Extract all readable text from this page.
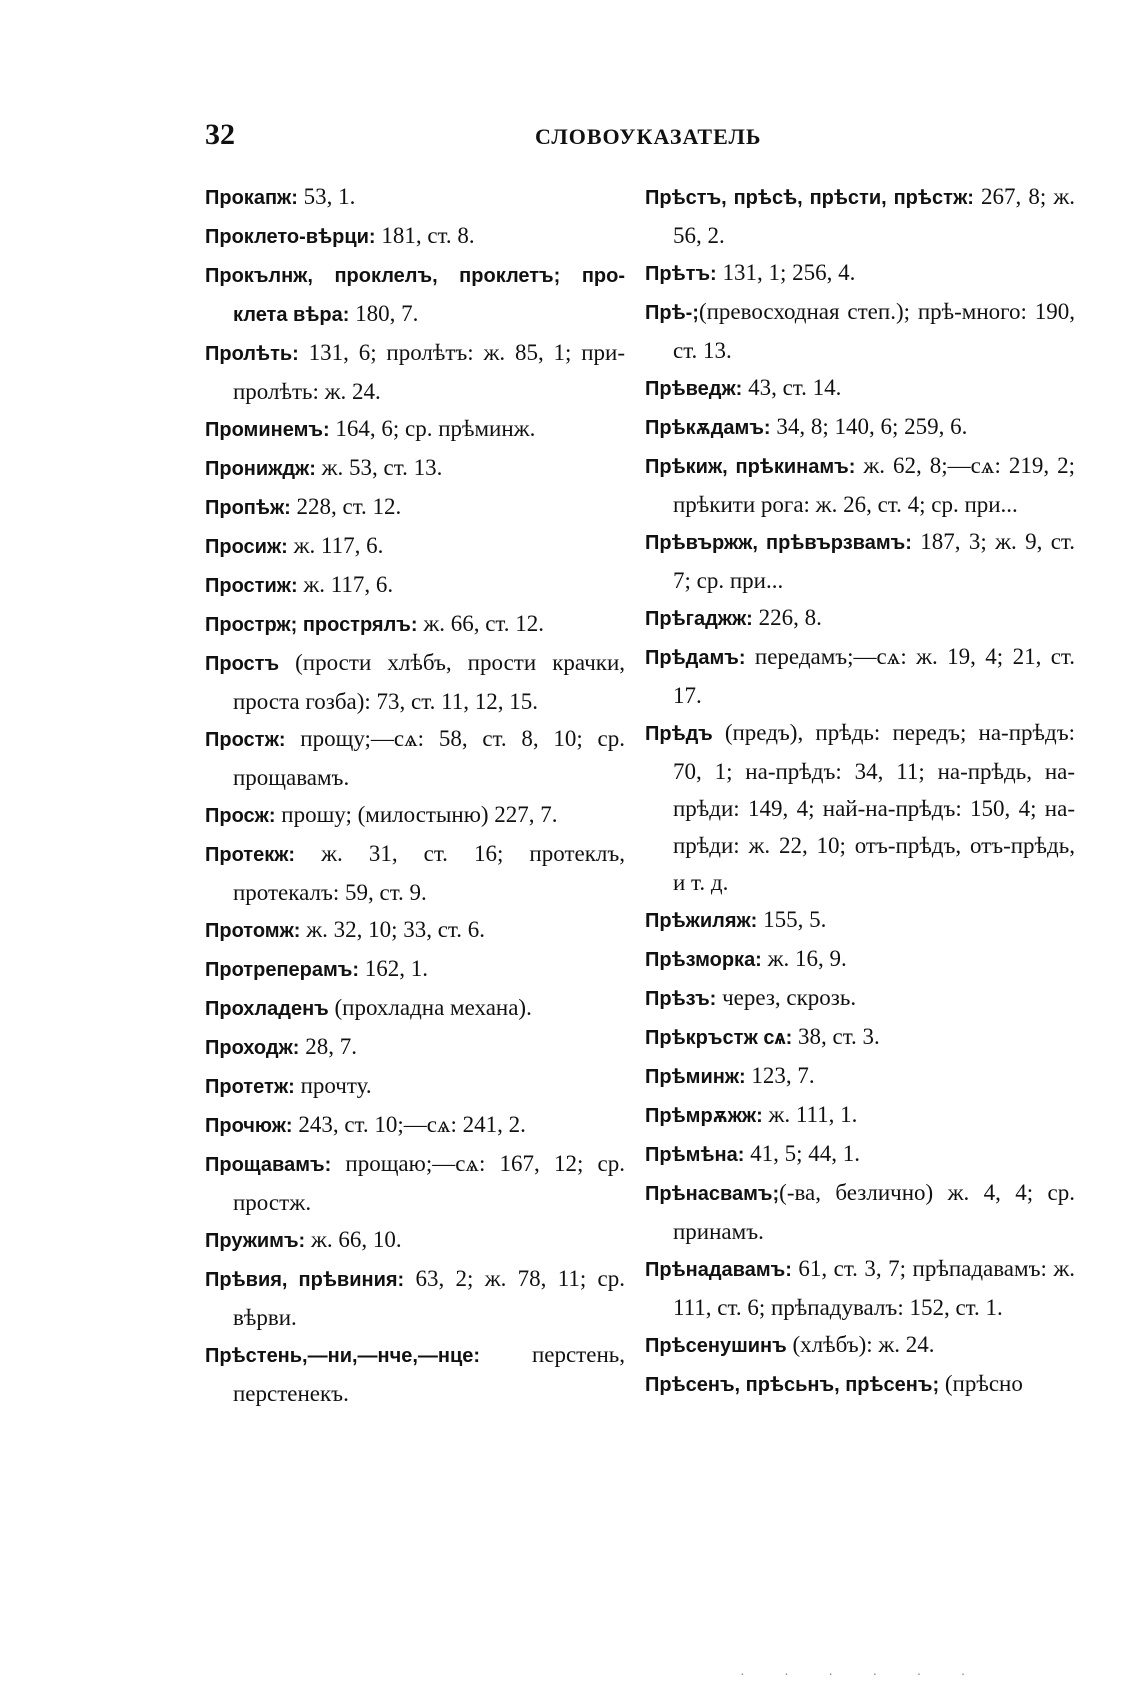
32	СЛОВОУКАЗАТЕЛЬ

Прокапж: 53, 1.

Проклето-вѣрци: 181, ст. 8.

Прокълнж, проклелъ, проклетъ; про-клета вѣра: 180, 7.

Пролѣть: 131, 6; пролѣтъ: ж. 85, 1; при-пролѣть: ж. 24.

Проминемъ: 164, 6; ср. прѣминж.

Прониждж: ж. 53, ст. 13.

Пропѣж: 228, ст. 12.

Просиж: ж. 117, 6.

Простиж: ж. 117, 6.

Прострж; прострялъ: ж. 66, ст. 12.

Простъ (прости хлѣбъ, прости крачки, проста гозба): 73, ст. 11, 12, 15.

Простж: прощу;—сѧ: 58, ст. 8, 10; ср. прощавамъ.

Просж: прошу; (милостыню) 227, 7.

Протекж: ж. 31, ст. 16; протеклъ, протекалъ: 59, ст. 9.

Протомж: ж. 32, 10; 33, ст. 6.

Протреперамъ: 162, 1.

Прохладенъ (прохладна механа).

Проходж: 28, 7.

Протетж: прочту.

Прочюж: 243, ст. 10;—сѧ: 241, 2.

Прощавамъ: прощаю;—сѧ: 167, 12; ср. простж.

Пружимъ: ж. 66, 10.

Прѣвия, прѣвиния: 63, 2; ж. 78, 11; ср. вѣрви.

Прѣстень,—ни,—нче,—нце: перстень, перстенекъ.

Прѣстъ, прѣсѣ, прѣсти, прѣстж: 267, 8; ж. 56, 2.

Прѣтъ: 131, 1; 256, 4.

Прѣ-;(превосходная степ.); прѣ-много: 190, ст. 13.

Прѣведж: 43, ст. 14.

Прѣкѫдамъ: 34, 8; 140, 6; 259, 6.

Прѣкиж, прѣкинамъ: ж. 62, 8;—сѧ: 219, 2; прѣкити рога: ж. 26, ст. 4; ср. при...

Прѣвържж, прѣвързвамъ: 187, 3; ж. 9, ст. 7; ср. при...

Прѣгаджж: 226, 8.

Прѣдамъ: передамъ;—сѧ: ж. 19, 4; 21, ст. 17.

Прѣдъ (предъ), прѣдь: передъ; на-прѣдъ: 70, 1; на-прѣдъ: 34, 11; на-прѣдь, на-прѣди: 149, 4; най-на-прѣдъ: 150, 4; на-прѣди: ж. 22, 10; отъ-прѣдъ, отъ-прѣдь, и т. д.

Прѣжиляж: 155, 5.

Прѣзморка: ж. 16, 9.

Прѣзъ: через, скрозь.

Прѣкръстж сѧ: 38, ст. 3.

Прѣминж: 123, 7.

Прѣмрѫжж: ж. 111, 1.

Прѣмѣна: 41, 5; 44, 1.

Прѣнасвамъ;(-ва, безлично) ж. 4, 4; ср. принамъ.

Прѣнадавамъ: 61, ст. 3, 7; прѣпадавамъ: ж. 111, ст. 6; прѣпадувалъ: 152, ст. 1.

Прѣсенушинъ (хлѣбъ): ж. 24.

Прѣсенъ, прѣсьнъ, прѣсенъ; (прѣсно

· · · · · ·
